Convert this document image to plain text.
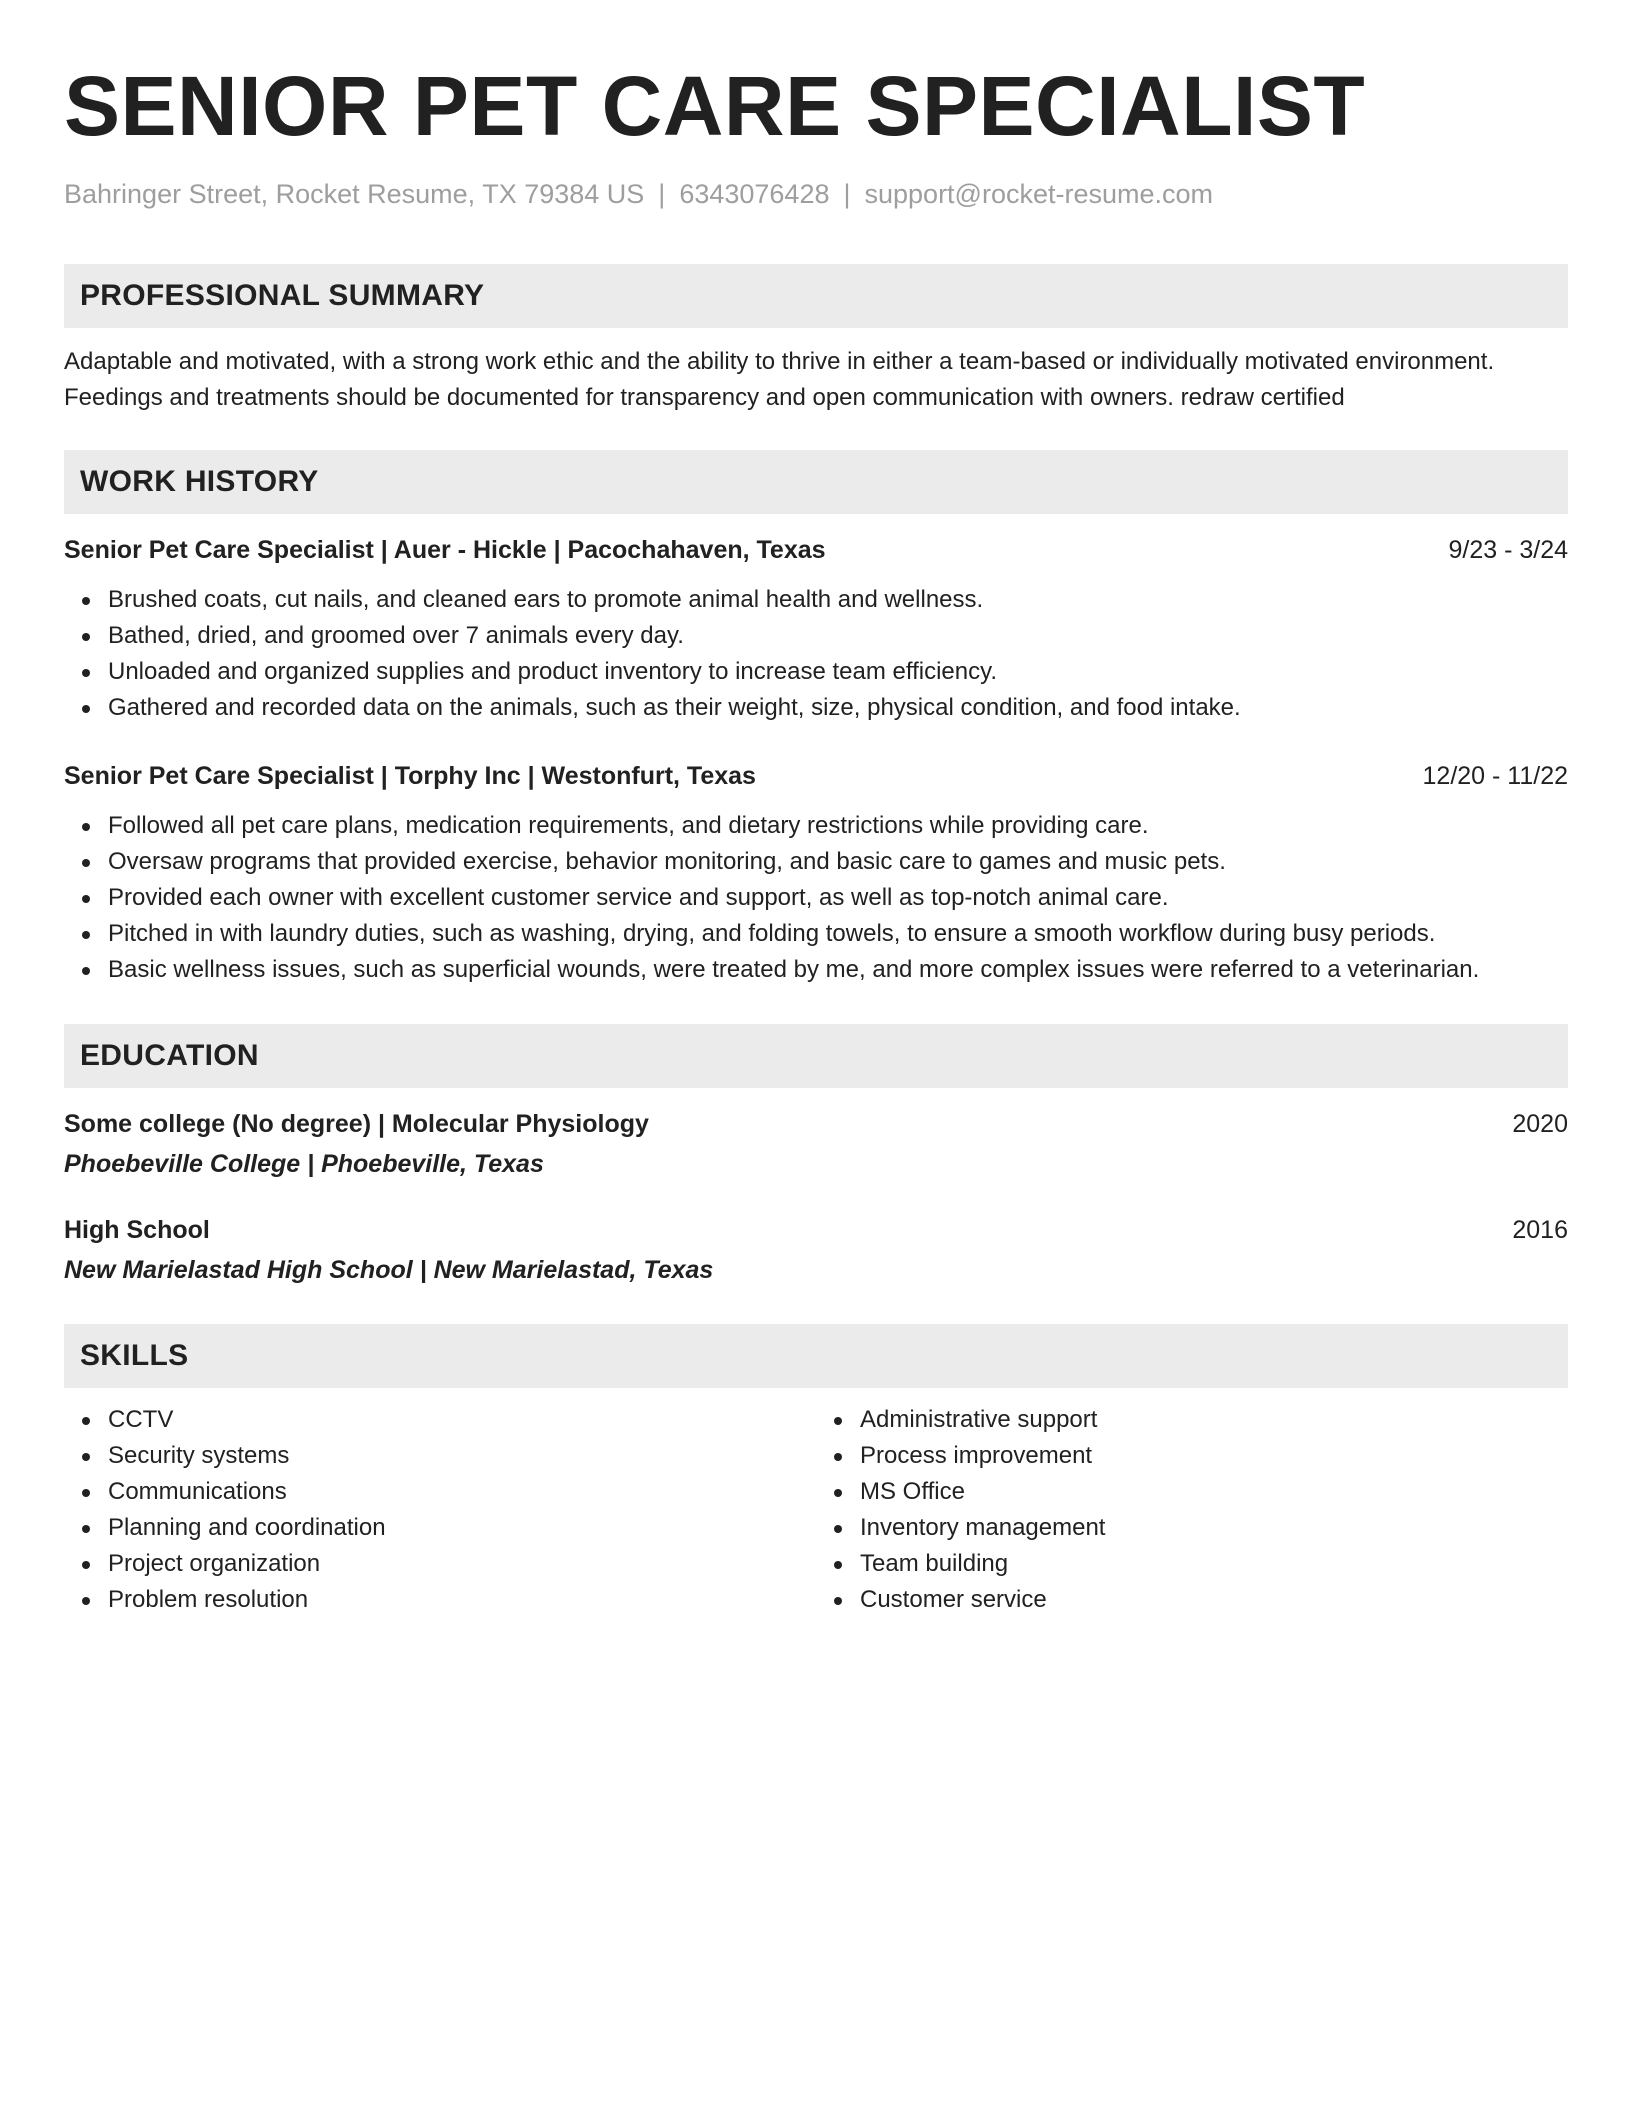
SENIOR PET CARE SPECIALIST
Bahringer Street, Rocket Resume, TX 79384 US | 6343076428 | support@rocket-resume.com
PROFESSIONAL SUMMARY
Adaptable and motivated, with a strong work ethic and the ability to thrive in either a team-based or individually motivated environment. Feedings and treatments should be documented for transparency and open communication with owners. redraw certified
WORK HISTORY
Senior Pet Care Specialist | Auer - Hickle | Pacochahaven, Texas	9/23 - 3/24
Brushed coats, cut nails, and cleaned ears to promote animal health and wellness.
Bathed, dried, and groomed over 7 animals every day.
Unloaded and organized supplies and product inventory to increase team efficiency.
Gathered and recorded data on the animals, such as their weight, size, physical condition, and food intake.
Senior Pet Care Specialist | Torphy Inc | Westonfurt, Texas	12/20 - 11/22
Followed all pet care plans, medication requirements, and dietary restrictions while providing care.
Oversaw programs that provided exercise, behavior monitoring, and basic care to games and music pets.
Provided each owner with excellent customer service and support, as well as top-notch animal care.
Pitched in with laundry duties, such as washing, drying, and folding towels, to ensure a smooth workflow during busy periods.
Basic wellness issues, such as superficial wounds, were treated by me, and more complex issues were referred to a veterinarian.
EDUCATION
Some college (No degree) | Molecular Physiology	2020
Phoebeville College | Phoebeville, Texas
High School	2016
New Marielastad High School | New Marielastad, Texas
SKILLS
CCTV
Security systems
Communications
Planning and coordination
Project organization
Problem resolution
Administrative support
Process improvement
MS Office
Inventory management
Team building
Customer service
